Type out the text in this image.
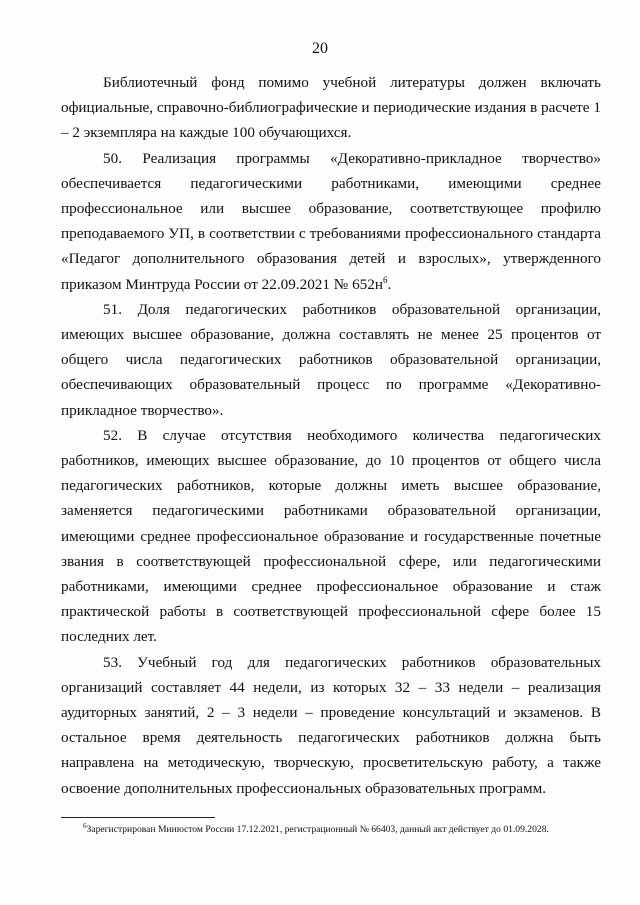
20

Библиотечный фонд помимо учебной литературы должен включать официальные, справочно-библиографические и периодические издания в расчете 1 – 2 экземпляра на каждые 100 обучающихся.

50. Реализация программы «Декоративно-прикладное творчество» обеспечивается педагогическими работниками, имеющими среднее профессиональное или высшее образование, соответствующее профилю преподаваемого УП, в соответствии с требованиями профессионального стандарта «Педагог дополнительного образования детей и взрослых», утвержденного приказом Минтруда России от 22.09.2021 № $652н^6$.

51. Доля педагогических работников образовательной организации, имеющих высшее образование, должна составлять не менее 25 процентов от общего числа педагогических работников образовательной организации, обеспечивающих образовательный процесс по программе «Декоративно-прикладное творчество».

52. В случае отсутствия необходимого количества педагогических работников, имеющих высшее образование, до 10 процентов от общего числа педагогических работников, которые должны иметь высшее образование, заменяется педагогическими работниками образовательной организации, имеющими среднее профессиональное образование и государственные почетные звания в соответствующей профессиональной сфере, или педагогическими работниками, имеющими среднее профессиональное образование и стаж практической работы в соответствующей профессиональной сфере более 15 последних лет.

53. Учебный год для педагогических работников образовательных организаций составляет 44 недели, из которых 32 – 33 недели – реализация аудиторных занятий, 2 – 3 недели – проведение консультаций и экзаменов. В остальное время деятельность педагогических работников должна быть направлена на методическую, творческую, просветительскую работу, а также освоение дополнительных профессиональных образовательных программ.

$^6$Зарегистрирован Минюстом России 17.12.2021, регистрационный № 66403, данный акт действует до 01.09.2028.
